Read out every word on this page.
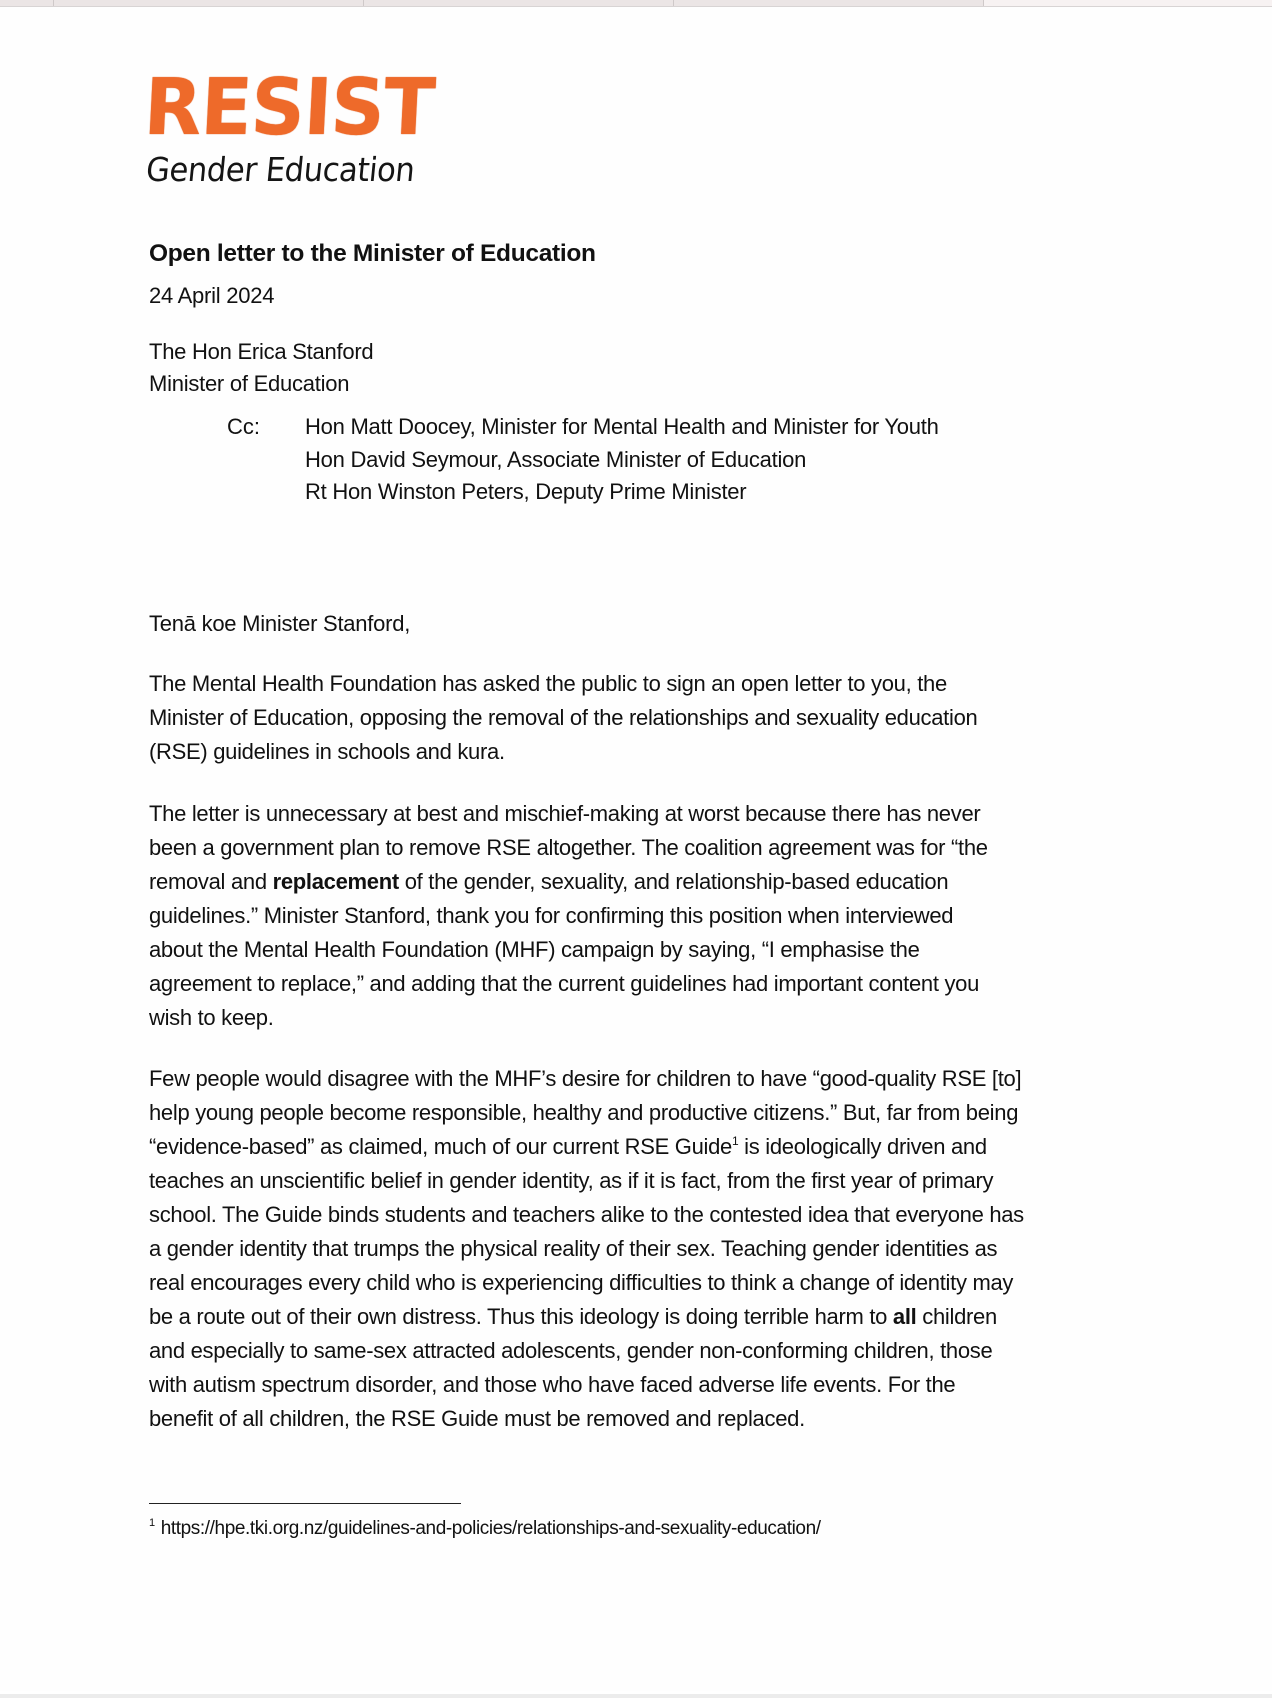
RESIST
Gender Education
Open letter to the Minister of Education
24 April 2024
The Hon Erica Stanford
Minister of Education
Cc: Hon Matt Doocey, Minister for Mental Health and Minister for Youth
Hon David Seymour, Associate Minister of Education
Rt Hon Winston Peters, Deputy Prime Minister
Tenā koe Minister Stanford,
The Mental Health Foundation has asked the public to sign an open letter to you, the
Minister of Education, opposing the removal of the relationships and sexuality education
(RSE) guidelines in schools and kura.
The letter is unnecessary at best and mischief-making at worst because there has never
been a government plan to remove RSE altogether. The coalition agreement was for “the
removal and replacement of the gender, sexuality, and relationship-based education
guidelines.” Minister Stanford, thank you for confirming this position when interviewed
about the Mental Health Foundation (MHF) campaign by saying, “I emphasise the
agreement to replace,” and adding that the current guidelines had important content you
wish to keep.
Few people would disagree with the MHF’s desire for children to have “good-quality RSE [to]
help young people become responsible, healthy and productive citizens.” But, far from being
“evidence-based” as claimed, much of our current RSE Guide$^1$ is ideologically driven and
teaches an unscientific belief in gender identity, as if it is fact, from the first year of primary
school. The Guide binds students and teachers alike to the contested idea that everyone has
a gender identity that trumps the physical reality of their sex. Teaching gender identities as
real encourages every child who is experiencing difficulties to think a change of identity may
be a route out of their own distress. Thus this ideology is doing terrible harm to all children
and especially to same-sex attracted adolescents, gender non-conforming children, those
with autism spectrum disorder, and those who have faced adverse life events. For the
benefit of all children, the RSE Guide must be removed and replaced.
$^1$ https://hpe.tki.org.nz/guidelines-and-policies/relationships-and-sexuality-education/
